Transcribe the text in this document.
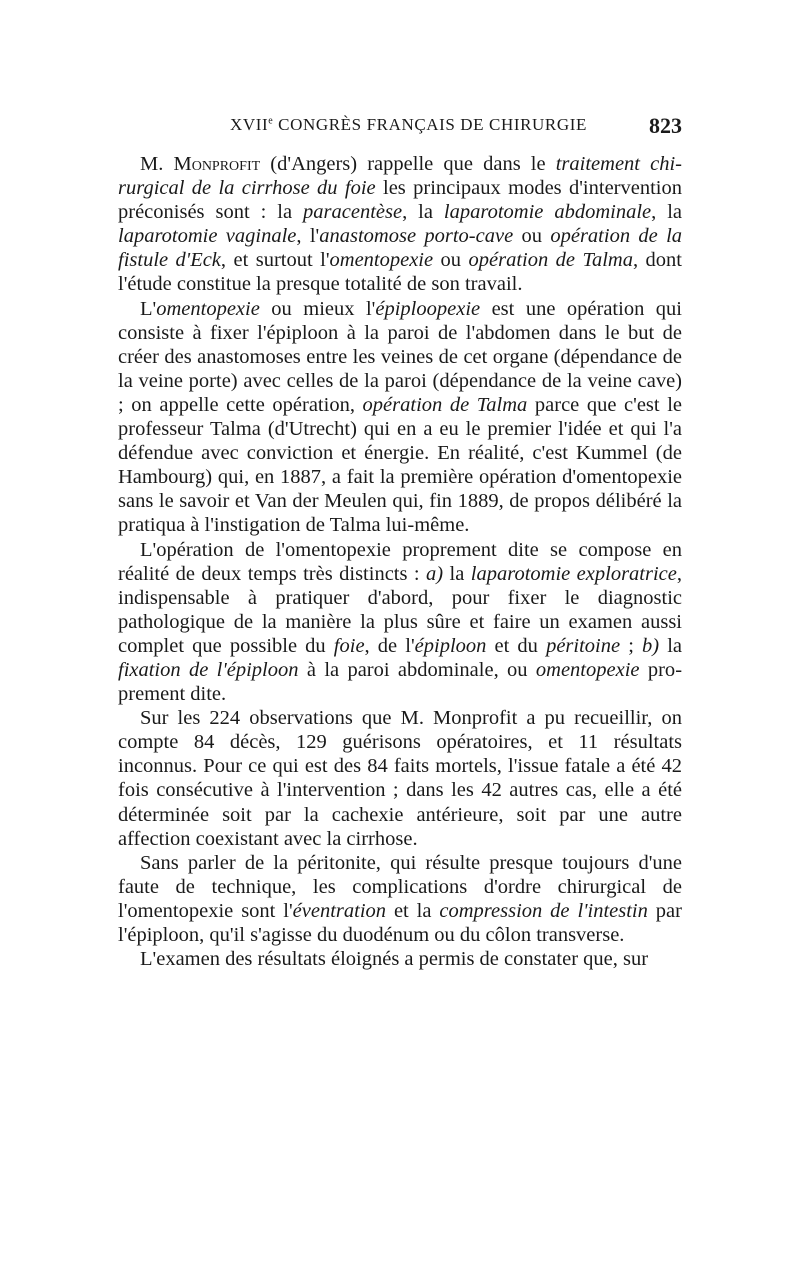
XVIIe CONGRÈS FRANÇAIS DE CHIRURGIE	823

M. Monprofit (d'Angers) rappelle que dans le traitement chirurgical de la cirrhose du foie les principaux modes d'intervention préconisés sont : la paracentèse, la laparotomie abdominale, la laparotomie vaginale, l'anastomose porto-cave ou opération de la fistule d'Eck, et surtout l'omentopexie ou opération de Talma, dont l'étude constitue la presque totalité de son travail.

L'omentopexie ou mieux l'épiploopexie est une opération qui consiste à fixer l'épiploon à la paroi de l'abdomen dans le but de créer des anastomoses entre les veines de cet organe (dépendance de la veine porte) avec celles de la paroi (dépendance de la veine cave) ; on appelle cette opération, opération de Talma parce que c'est le professeur Talma (d'Utrecht) qui en a eu le premier l'idée et qui l'a défendue avec conviction et énergie. En réalité, c'est Kummel (de Hambourg) qui, en 1887, a fait la première opération d'omentopexie sans le savoir et Van der Meulen qui, fin 1889, de propos délibéré la pratiqua à l'instigation de Talma lui-même.

L'opération de l'omentopexie proprement dite se compose en réalité de deux temps très distincts : a) la laparotomie exploratrice, indispensable à pratiquer d'abord, pour fixer le diagnostic pathologique de la manière la plus sûre et faire un examen aussi complet que possible du foie, de l'épiploon et du péritoine ; b) la fixation de l'épiploon à la paroi abdominale, ou omentopexie proprement dite.

Sur les 224 observations que M. Monprofit a pu recueillir, on compte 84 décès, 129 guérisons opératoires, et 11 résultats inconnus. Pour ce qui est des 84 faits mortels, l'issue fatale a été 42 fois consécutive à l'intervention ; dans les 42 autres cas, elle a été déterminée soit par la cachexie antérieure, soit par une autre affection coexistant avec la cirrhose.

Sans parler de la péritonite, qui résulte presque toujours d'une faute de technique, les complications d'ordre chirurgical de l'omentopexie sont l'éventration et la compression de l'intestin par l'épiploon, qu'il s'agisse du duodénum ou du côlon transverse.

L'examen des résultats éloignés a permis de constater que, sur
